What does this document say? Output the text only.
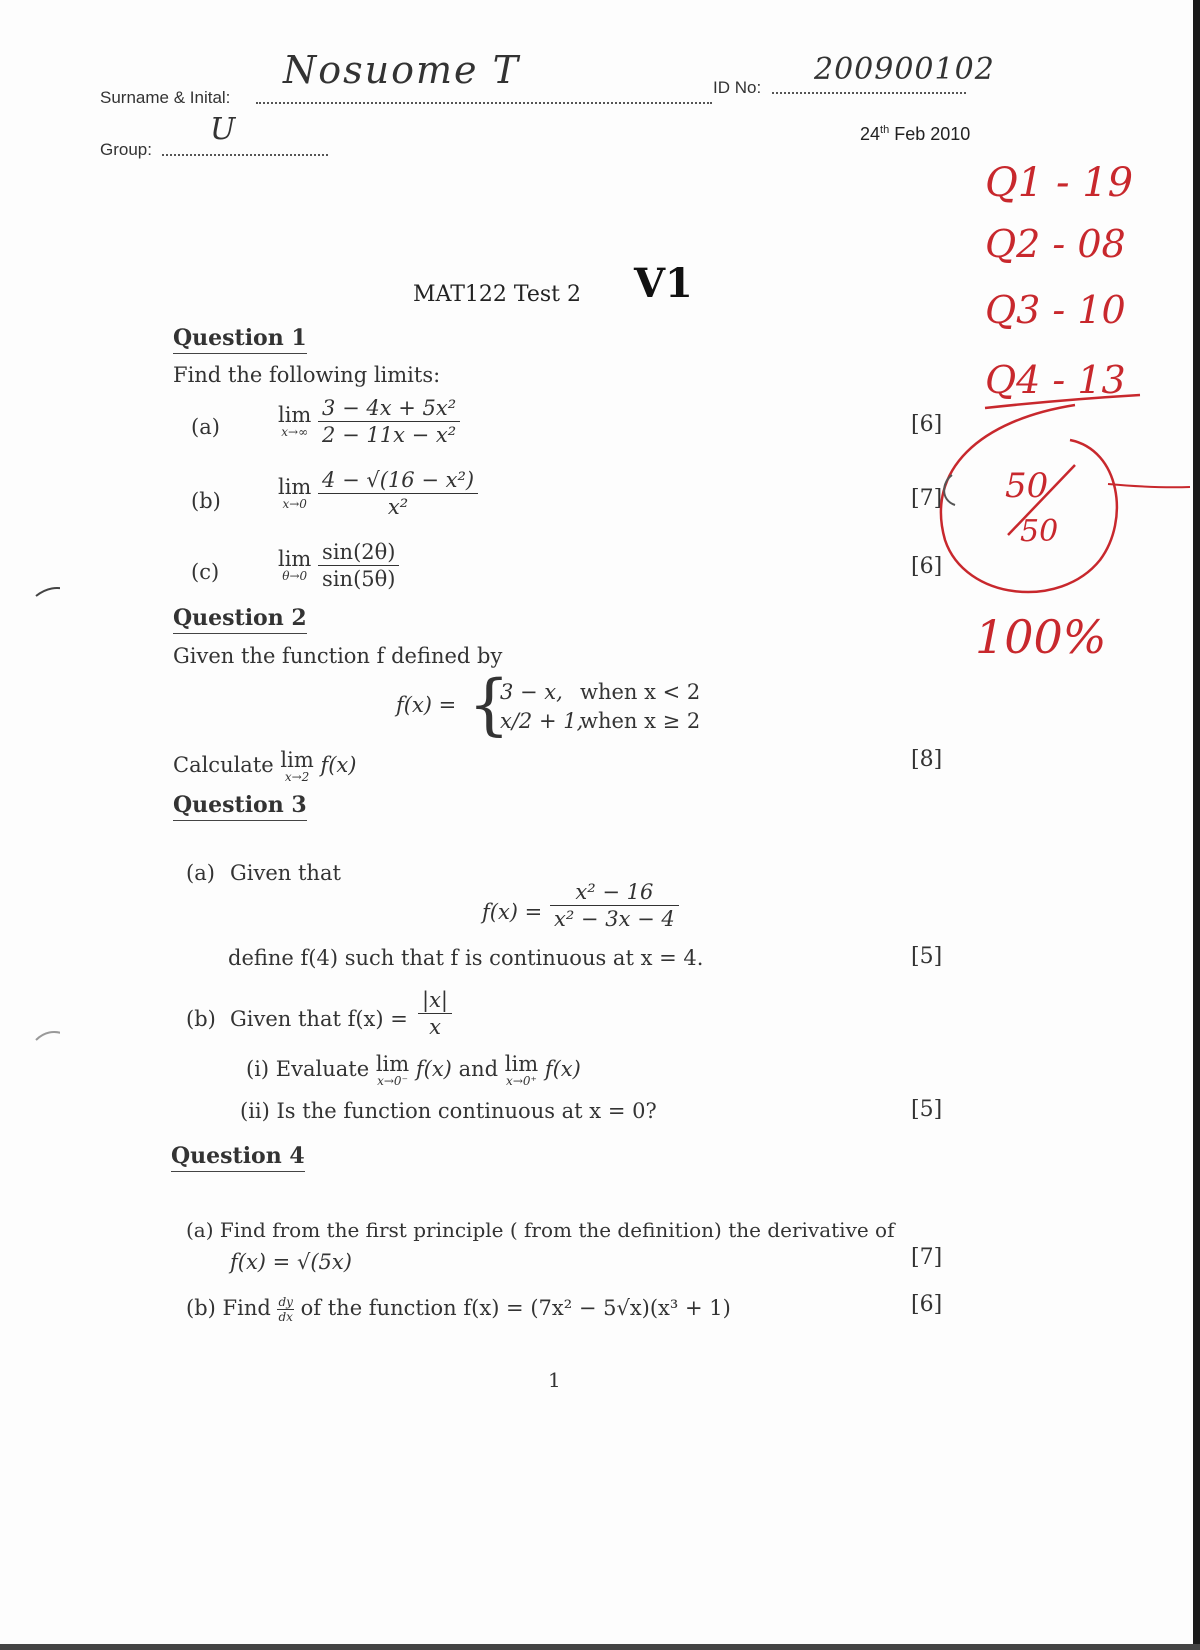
Surname & Inital:
Nosuome T	ID No:
200900102
Group:
U	24th Feb 2010
MAT122 Test 2 V1
Question 1
Find the following limits:
(a)	lim
x→∞
$\frac{\text{3 − 4x + 5x²}}{\text{2 − 11x − x²}}$	[6]
(b)
lim
x→0
$\frac{\text{4 − √(16 − x²)}}{\text{x²}}$	[7]
(c)
lim
θ→0
$\frac{\sin(2\theta)}{\sin(5\theta)}$	[6]
Question 2
Given the function f defined by
f(x) = {
3 − x, when x < 2
x/2 + 1,
when x ≥ 2
Calculate lim
x→2 f(x)	[8]
Question 3
(a) Given that
$f(x) = \frac{\text{x² − 16}}{\text{x² − 3x − 4}}$
define f(4) such that f is continuous at x = 4.	[5]
(b) Given that $f(x) = \frac{|x|}{x}$
(i) Evaluate lim
x→0⁻ f(x) and lim
x→0⁺ f(x)
(ii) Is the function continuous at x = 0?	[5]
Question 4
(a) Find from the first principle ( from the definition) the derivative of
f(x) = √(5x)	[7]
(b) Find $\frac{dy}{dx}$ of the function f(x) = (7x² − 5√x)(x³ + 1)	[6]
1
Q1 - 19
Q2 - 08
Q3 - 10
Q4 - 13
50
50
100%
